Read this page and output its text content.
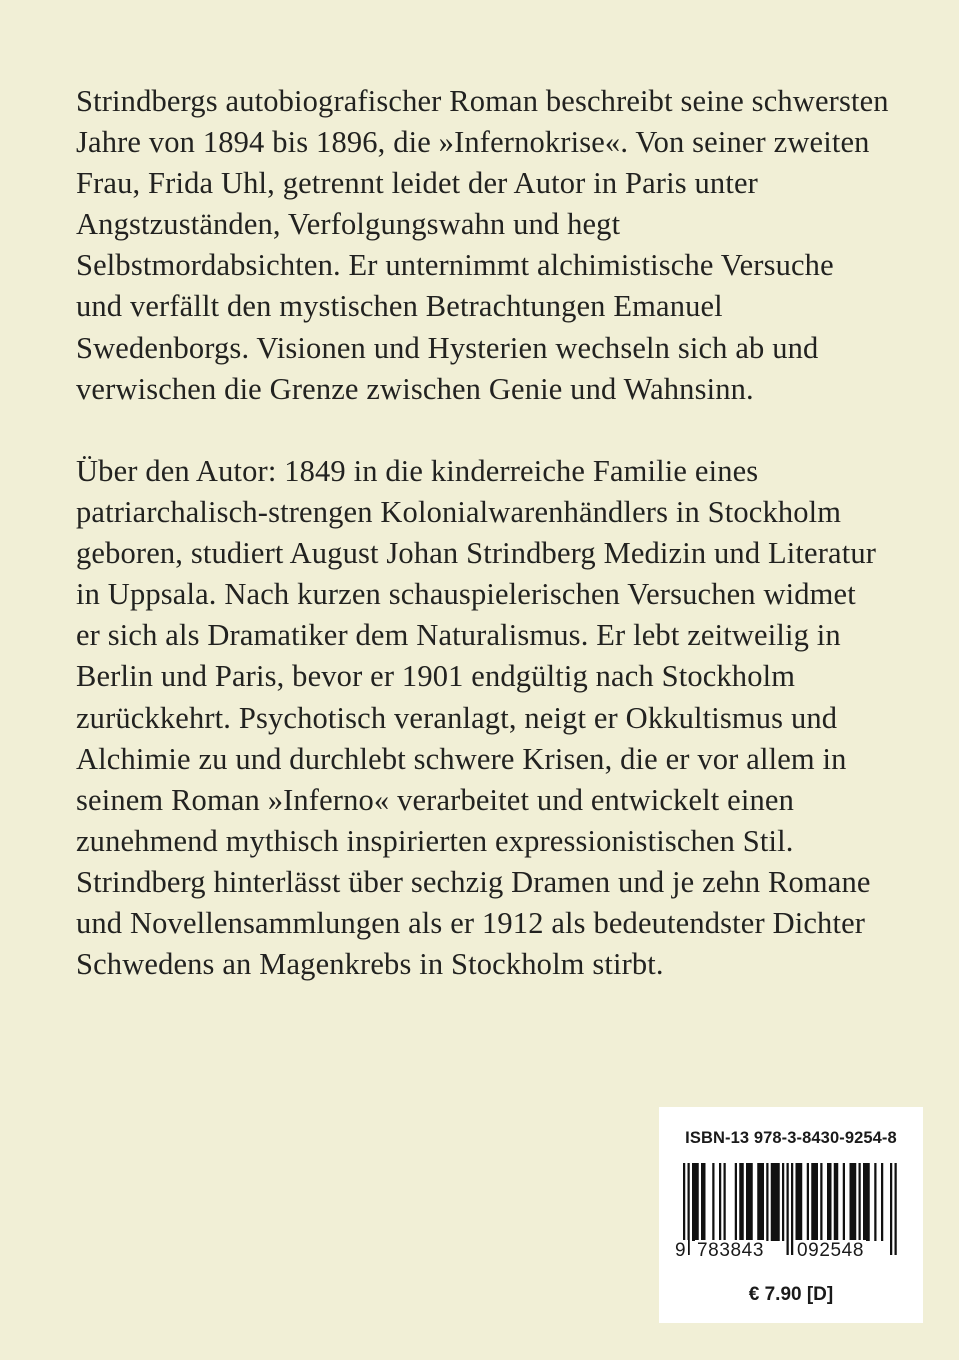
Strindbergs autobiografischer Roman beschreibt seine schwersten
Jahre von 1894 bis 1896, die »Infernokrise«. Von seiner zweiten
Frau, Frida Uhl, getrennt leidet der Autor in Paris unter
Angstzuständen, Verfolgungswahn und hegt
Selbstmordabsichten. Er unternimmt alchimistische Versuche
und verfällt den mystischen Betrachtungen Emanuel
Swedenborgs. Visionen und Hysterien wechseln sich ab und
verwischen die Grenze zwischen Genie und Wahnsinn.

Über den Autor: 1849 in die kinderreiche Familie eines
patriarchalisch-strengen Kolonialwarenhändlers in Stockholm
geboren, studiert August Johan Strindberg Medizin und Literatur
in Uppsala. Nach kurzen schauspielerischen Versuchen widmet
er sich als Dramatiker dem Naturalismus. Er lebt zeitweilig in
Berlin und Paris, bevor er 1901 endgültig nach Stockholm
zurückkehrt. Psychotisch veranlagt, neigt er Okkultismus und
Alchimie zu und durchlebt schwere Krisen, die er vor allem in
seinem Roman »Inferno« verarbeitet und entwickelt einen
zunehmend mythisch inspirierten expressionistischen Stil.
Strindberg hinterlässt über sechzig Dramen und je zehn Romane
und Novellensammlungen als er 1912 als bedeutendster Dichter
Schwedens an Magenkrebs in Stockholm stirbt.

ISBN-13 978-3-8430-9254-8
9 783843 092548
€ 7.90 [D]
